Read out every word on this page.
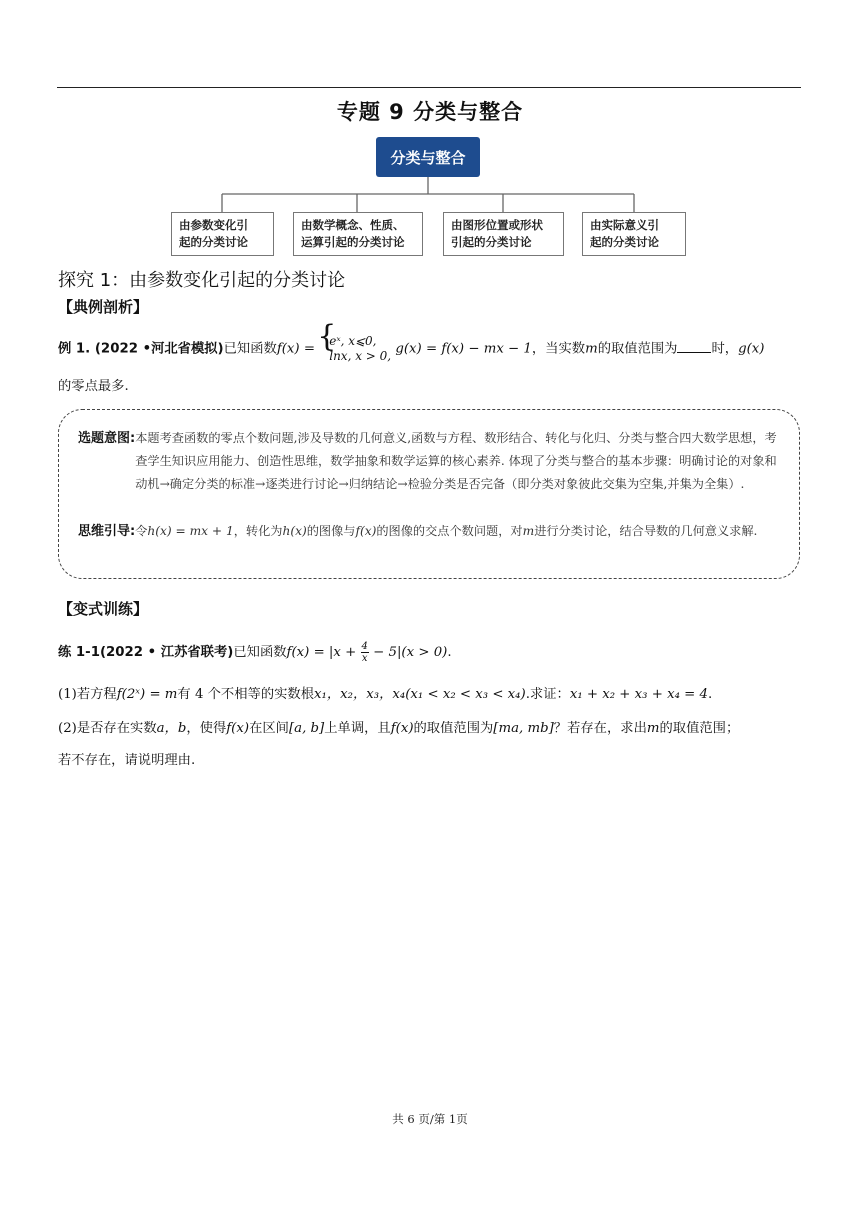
专题 9 分类与整合
分类与整合
由参数变化引
起的分类讨论
由数学概念、性质、
运算引起的分类讨论
由图形位置或形状
引起的分类讨论
由实际意义引
起的分类讨论
探究 1：由参数变化引起的分类讨论
【典例剖析】
例 1. (2022 •河北省模拟)已知函数f(x) =
{ eˣ, x⩽0,
lnx, x > 0, g(x) = f(x) − mx − 1，当实数m的取值范围为	时，g(x)
的零点最多.
选题意图: 本题考查函数的零点个数问题,涉及导数的几何意义,函数与方程、数形结合、转化与化归、分类与整合四大数学思想，考查学生知识应用能力、创造性思维，数学抽象和数学运算的核心素养. 体现了分类与整合的基本步骤：明确讨论的对象和动机→确定分类的标准→逐类进行讨论→归纳结论→检验分类是否完备（即分类对象彼此交集为空集,并集为全集）.
思维引导: 令h(x) = mx + 1，转化为h(x)的图像与f(x)的图像的交点个数问题，对m进行分类讨论，结合导数的几何意义求解.
【变式训练】
练 1-1(2022 • 江苏省联考)已知函数$f(x) = |x + \frac{4}{x} - 5|(x > 0)$.
(1)若方程f(2ˣ) = m有 4 个不相等的实数根x₁，x₂，x₃，x₄(x₁ < x₂ < x₃ < x₄).求证：x₁ + x₂ + x₃ + x₄ = 4.
(2)是否存在实数a，b，使得f(x)在区间[a, b]上单调，且f(x)的取值范围为[ma, mb]？若存在，求出m的取值范围；
若不存在，请说明理由.
共 6 页/第 1页
